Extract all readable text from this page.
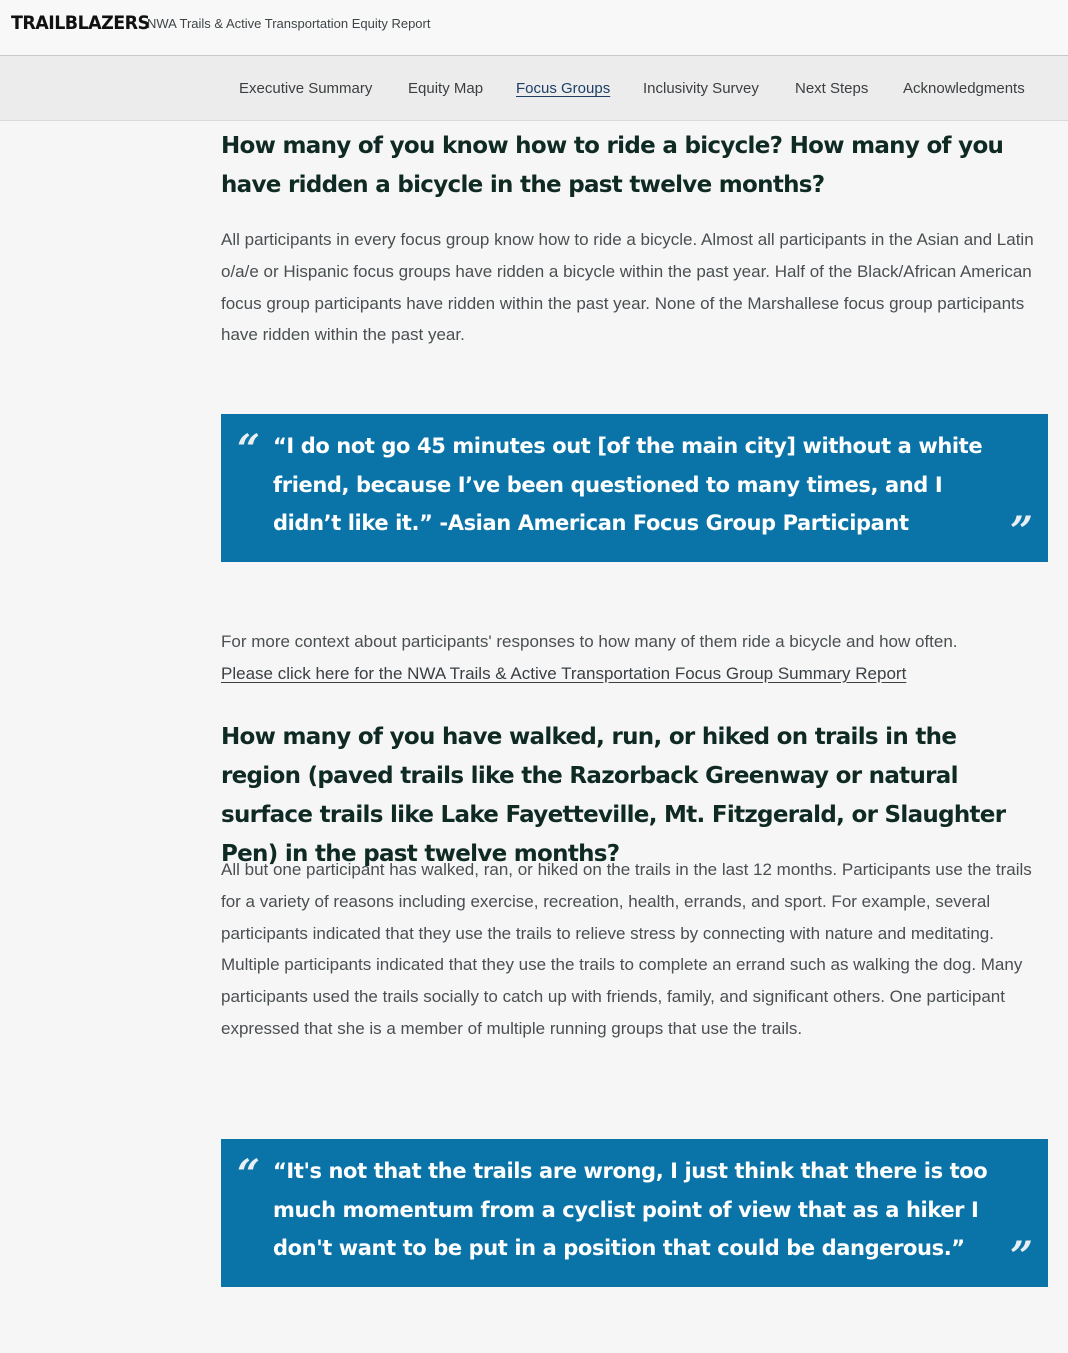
TRAILBLAZERS
NWA Trails & Active Transportation Equity Report
Executive Summary Equity Map Focus Groups Inclusivity Survey Next Steps Acknowledgments
How many of you know how to ride a bicycle? How many of you have ridden a bicycle in the past twelve months?

All participants in every focus group know how to ride a bicycle. Almost all participants in the Asian and Latin o/a/e or Hispanic focus groups have ridden a bicycle within the past year. Half of the Black/African American focus group participants have ridden within the past year. None of the Marshallese focus group participants have ridden within the past year.

“ “I do not go 45 minutes out [of the main city] without a white friend, because I’ve been questioned to many times, and I didn’t like it.” -Asian American Focus Group Participant	”

For more context about participants' responses to how many of them ride a bicycle and how often.
Please click here for the NWA Trails & Active Transportation Focus Group Summary Report

How many of you have walked, run, or hiked on trails in the region (paved trails like the Razorback Greenway or natural surface trails like Lake Fayetteville, Mt. Fitzgerald, or Slaughter Pen) in the past twelve months?

All but one participant has walked, ran, or hiked on the trails in the last 12 months. Participants use the trails for a variety of reasons including exercise, recreation, health, errands, and sport. For example, several participants indicated that they use the trails to relieve stress by connecting with nature and meditating. Multiple participants indicated that they use the trails to complete an errand such as walking the dog. Many participants used the trails socially to catch up with friends, family, and significant others. One participant expressed that she is a member of multiple running groups that use the trails.

“ “It's not that the trails are wrong, I just think that there is too much momentum from a cyclist point of view that as a hiker I don't want to be put in a position that could be dangerous.”	”
